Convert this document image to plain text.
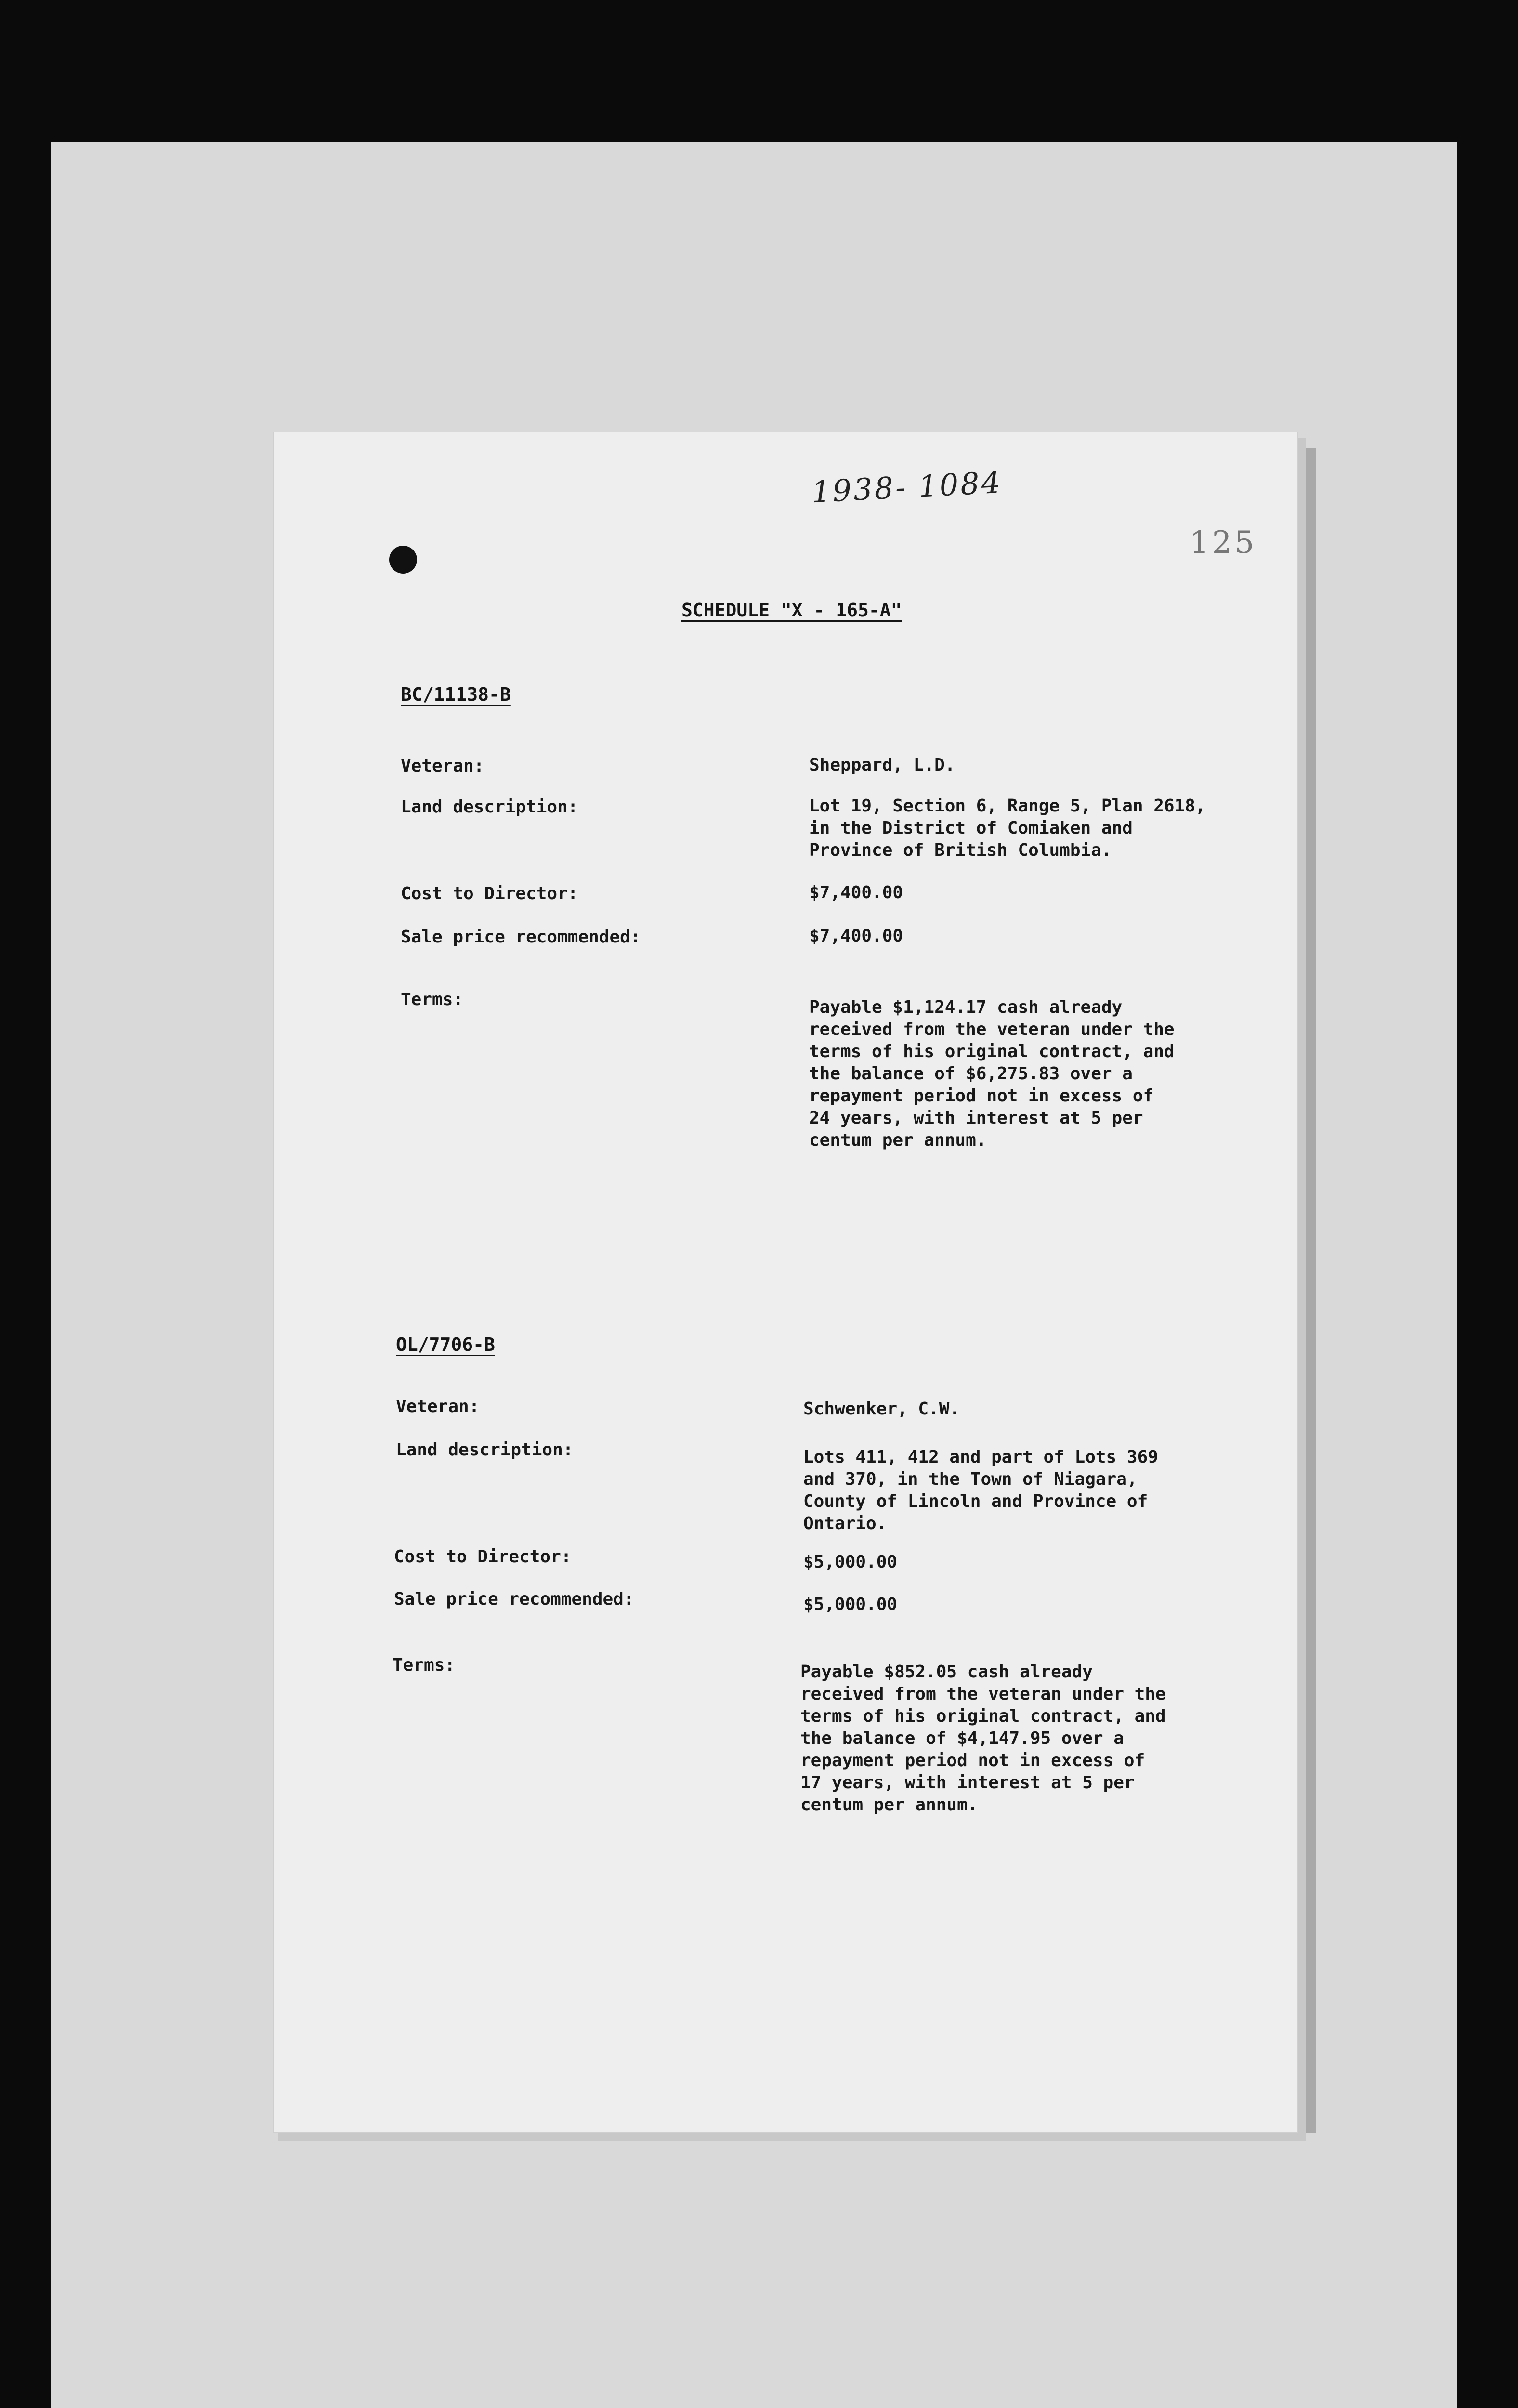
1938- 1084
125
SCHEDULE "X - 165-A"
BC/11138-B
Veteran:	Sheppard, L.D.
Land description:	Lot 19, Section 6, Range 5, Plan 2618,
in the District of Comiaken and
Province of British Columbia.
Cost to Director:	$7,400.00
Sale price recommended:	$7,400.00
Terms:	Payable $1,124.17 cash already
received from the veteran under the
terms of his original contract, and
the balance of $6,275.83 over a
repayment period not in excess of
24 years, with interest at 5 per
centum per annum.
OL/7706-B
Veteran:	Schwenker, C.W.
Land description:	Lots 411, 412 and part of Lots 369
and 370, in the Town of Niagara,
County of Lincoln and Province of
Ontario.
Cost to Director:	$5,000.00
Sale price recommended:	$5,000.00
Terms:	Payable $852.05 cash already
received from the veteran under the
terms of his original contract, and
the balance of $4,147.95 over a
repayment period not in excess of
17 years, with interest at 5 per
centum per annum.
